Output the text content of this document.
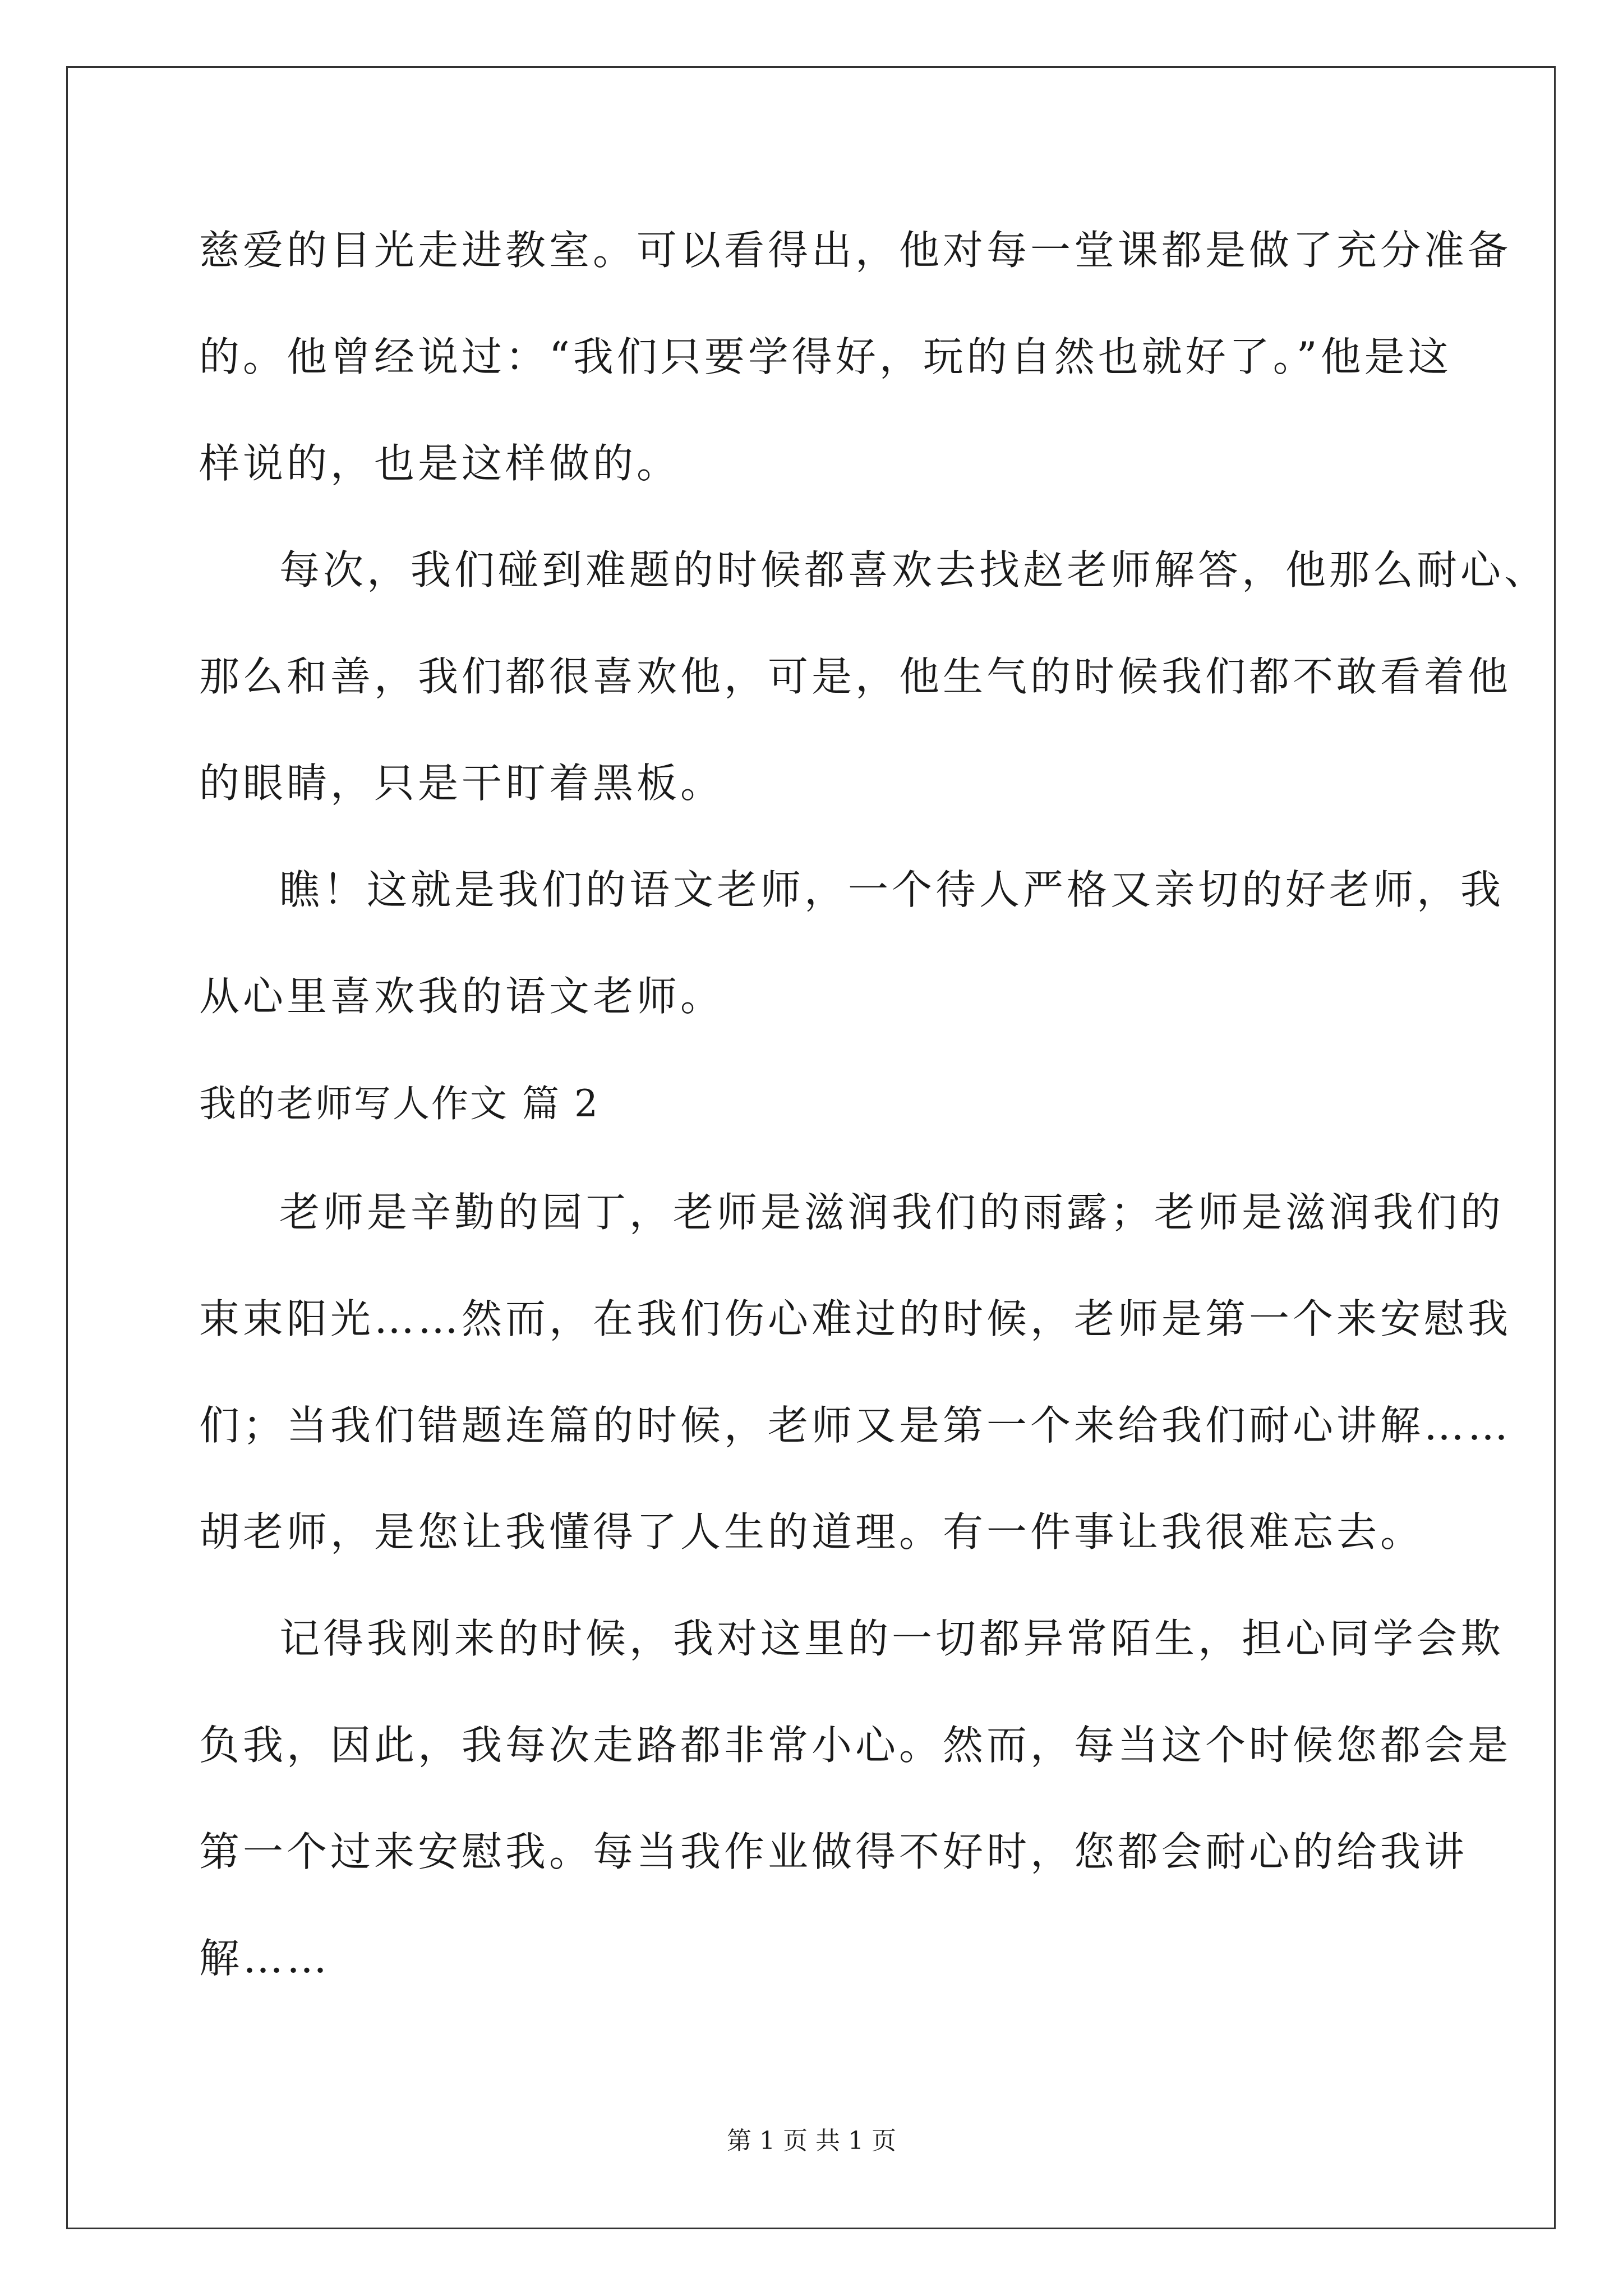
慈爱的目光走进教室。可以看得出，他对每一堂课都是做了充分准备
的。他曾经说过：“我们只要学得好，玩的自然也就好了。”他是这
样说的，也是这样做的。
每次，我们碰到难题的时候都喜欢去找赵老师解答，他那么耐心、
那么和善，我们都很喜欢他，可是，他生气的时候我们都不敢看着他
的眼睛，只是干盯着黑板。
瞧！这就是我们的语文老师，一个待人严格又亲切的好老师，我
从心里喜欢我的语文老师。
我的老师写人作文 篇 2
老师是辛勤的园丁，老师是滋润我们的雨露；老师是滋润我们的
束束阳光……然而，在我们伤心难过的时候，老师是第一个来安慰我
们；当我们错题连篇的时候，老师又是第一个来给我们耐心讲解……
胡老师，是您让我懂得了人生的道理。有一件事让我很难忘去。
记得我刚来的时候，我对这里的一切都异常陌生，担心同学会欺
负我，因此，我每次走路都非常小心。然而，每当这个时候您都会是
第一个过来安慰我。每当我作业做得不好时，您都会耐心的给我讲
解……
第 1 页 共 1 页
